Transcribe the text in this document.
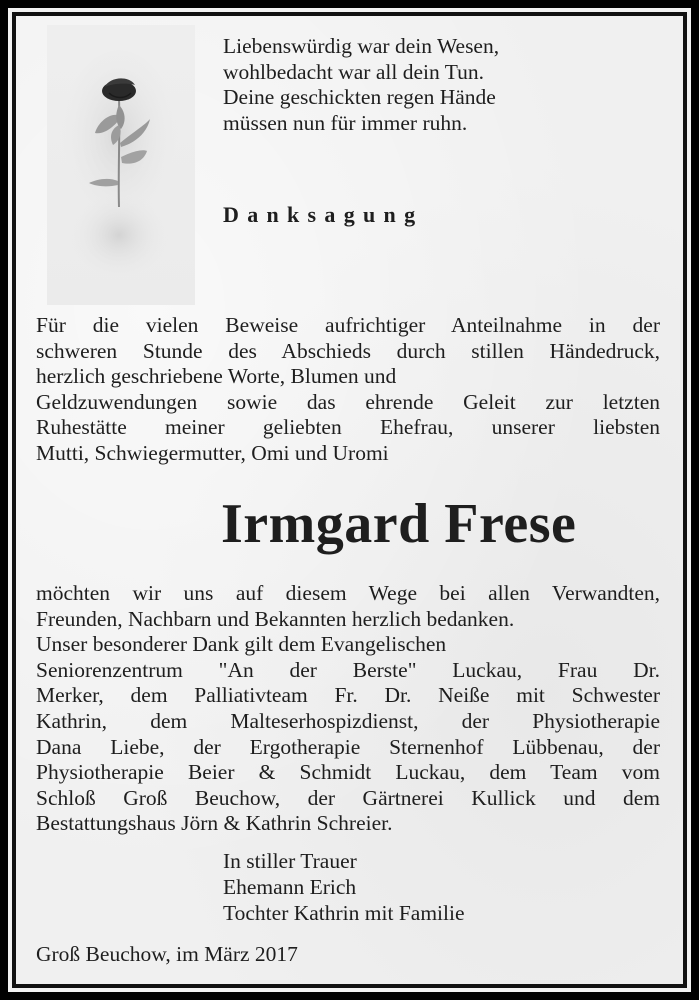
Liebenswürdig war dein Wesen,
wohlbedacht war all dein Tun.
Deine geschickten regen Hände
müssen nun für immer ruhn.
Danksagung
Für die vielen Beweise aufrichtiger Anteilnahme in der
schweren Stunde des Abschieds durch stillen Händedruck,
herzlich geschriebene Worte, Blumen und
Geldzuwendungen sowie das ehrende Geleit zur letzten
Ruhestätte meiner geliebten Ehefrau, unserer liebsten
Mutti, Schwiegermutter, Omi und Uromi
Irmgard Frese
möchten wir uns auf diesem Wege bei allen Verwandten,
Freunden, Nachbarn und Bekannten herzlich bedanken.
Unser besonderer Dank gilt dem Evangelischen
Seniorenzentrum "An der Berste" Luckau, Frau Dr.
Merker, dem Palliativteam Fr. Dr. Neiße mit Schwester
Kathrin, dem Malteserhospizdienst, der Physiotherapie
Dana Liebe, der Ergotherapie Sternenhof Lübbenau, der
Physiotherapie Beier & Schmidt Luckau, dem Team vom
Schloß Groß Beuchow, der Gärtnerei Kullick und dem
Bestattungshaus Jörn & Kathrin Schreier.
In stiller Trauer
Ehemann Erich
Tochter Kathrin mit Familie
Groß Beuchow, im März 2017
